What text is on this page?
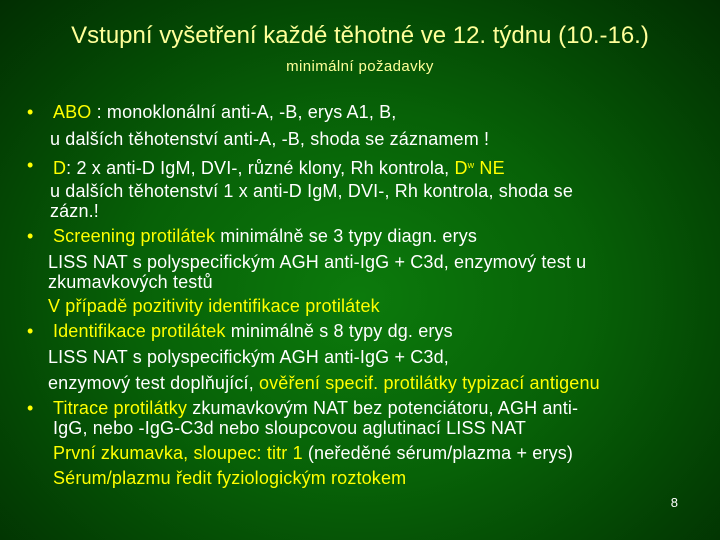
Vstupní vyšetření každé těhotné ve 12. týdnu (10.-16.)
minimální požadavky
• ABO : monoklonální anti-A, -B, erys A1, B,
u dalších těhotenství anti-A, -B, shoda se záznamem !
• D: 2 x anti-D IgM, DVI-, různé klony, Rh kontrola, $D^w$ NE
u dalších těhotenství 1 x anti-D IgM, DVI-, Rh kontrola, shoda se
zázn.!
• Screening protilátek minimálně se 3 typy diagn. erys
LISS NAT s polyspecifickým AGH anti-IgG + C3d, enzymový test u
zkumavkových testů
V případě pozitivity identifikace protilátek
• Identifikace protilátek minimálně s 8 typy dg. erys
LISS NAT s polyspecifickým AGH anti-IgG + C3d,
enzymový test doplňující, ověření specif. protilátky typizací antigenu
• Titrace protilátky zkumavkovým NAT bez potenciátoru, AGH anti-
IgG, nebo -IgG-C3d nebo sloupcovou aglutinací LISS NAT
První zkumavka, sloupec: titr 1 (neředěné sérum/plazma + erys)
Sérum/plazmu ředit fyziologickým roztokem
8
